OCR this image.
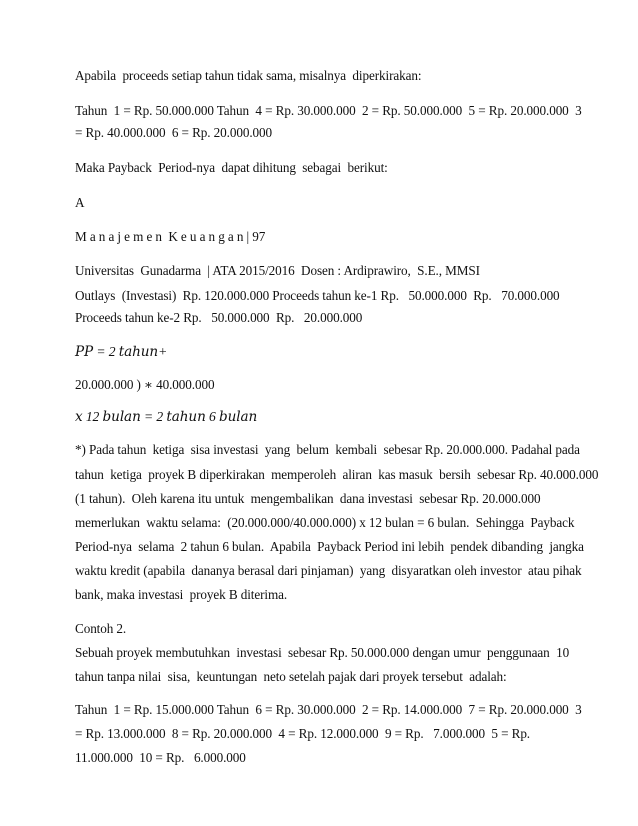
Apabila  proceeds setiap tahun tidak sama, misalnya  diperkirakan:
Tahun  1 = Rp. 50.000.000 Tahun  4 = Rp. 30.000.000  2 = Rp. 50.000.000  5 = Rp. 20.000.000  3
= Rp. 40.000.000  6 = Rp. 20.000.000
Maka Payback  Period-nya  dapat dihitung  sebagai  berikut:
A
M a n a j e m e n  K e u a n g a n | 97
Universitas  Gunadarma  | ATA 2015/2016  Dosen : Ardiprawiro,  S.E., MMSI
Outlays  (Investasi)  Rp. 120.000.000 Proceeds tahun ke-1 Rp.   50.000.000  Rp.   70.000.000
Proceeds tahun ke-2 Rp.   50.000.000  Rp.   20.000.000
𝑃𝑃 = 2 𝑡𝑎ℎ𝑢𝑛+
20.000.000 ) ∗ 40.000.000
𝑥 12 𝑏𝑢𝑙𝑎𝑛 = 2 𝑡𝑎ℎ𝑢𝑛 6 𝑏𝑢𝑙𝑎𝑛
*) Pada tahun  ketiga  sisa investasi  yang  belum  kembali  sebesar Rp. 20.000.000. Padahal pada
tahun  ketiga  proyek B diperkirakan  memperoleh  aliran  kas masuk  bersih  sebesar Rp. 40.000.000
(1 tahun).  Oleh karena itu untuk  mengembalikan  dana investasi  sebesar Rp. 20.000.000
memerlukan  waktu selama:  (20.000.000/40.000.000) x 12 bulan = 6 bulan.  Sehingga  Payback
Period-nya  selama  2 tahun 6 bulan.  Apabila  Payback Period ini lebih  pendek dibanding  jangka
waktu kredit (apabila  dananya berasal dari pinjaman)  yang  disyaratkan oleh investor  atau pihak
bank, maka investasi  proyek B diterima.
Contoh 2.
Sebuah proyek membutuhkan  investasi  sebesar Rp. 50.000.000 dengan umur  penggunaan  10
tahun tanpa nilai  sisa,  keuntungan  neto setelah pajak dari proyek tersebut  adalah:
Tahun  1 = Rp. 15.000.000 Tahun  6 = Rp. 30.000.000  2 = Rp. 14.000.000  7 = Rp. 20.000.000  3
= Rp. 13.000.000  8 = Rp. 20.000.000  4 = Rp. 12.000.000  9 = Rp.   7.000.000  5 = Rp.
11.000.000  10 = Rp.   6.000.000
